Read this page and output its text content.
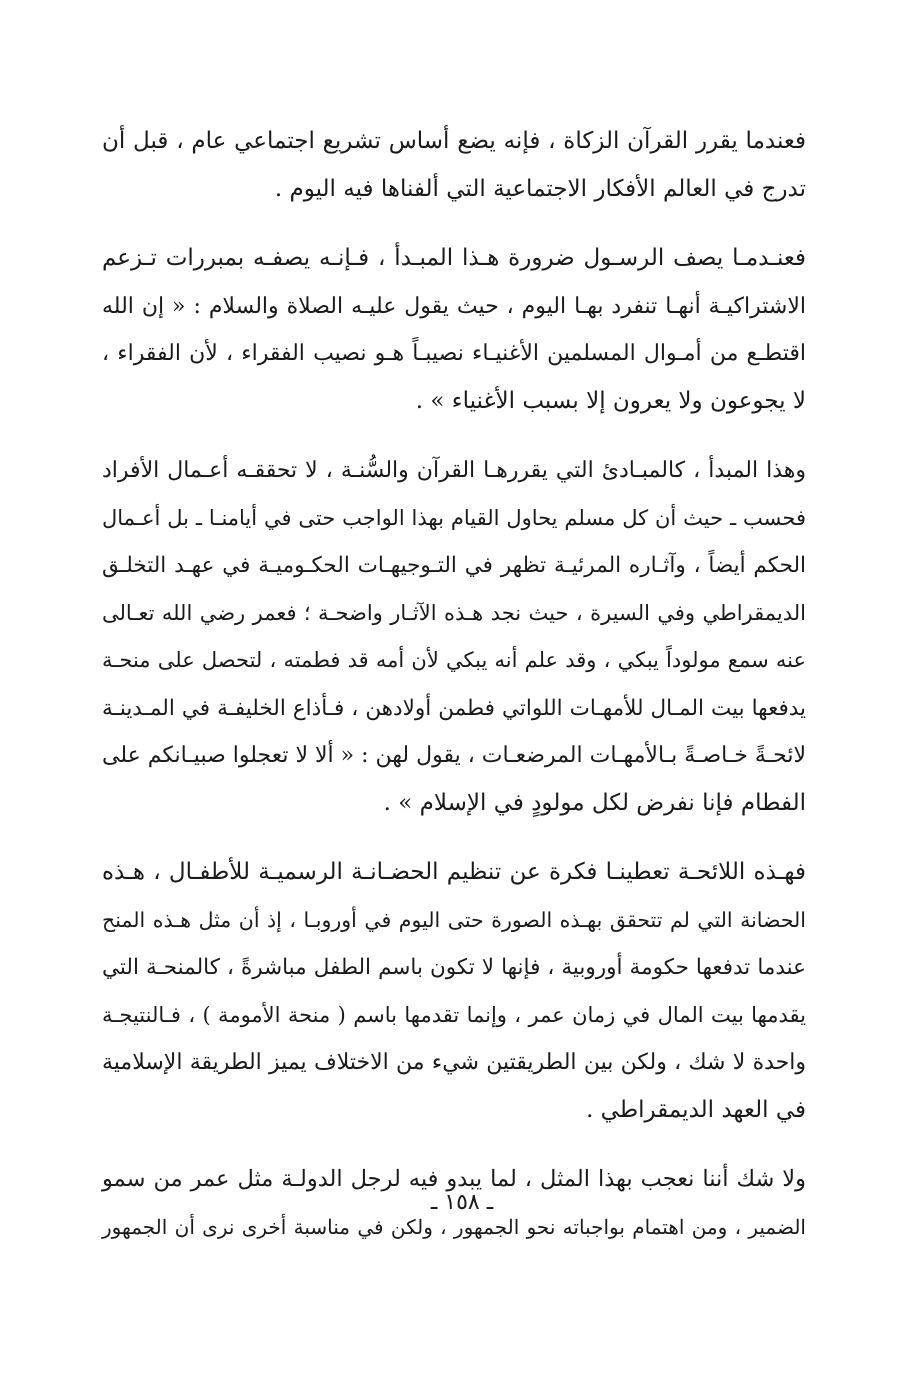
فعندما يقرر القرآن الزكاة ، فإنه يضع أساس تشريع اجتماعي عام ، قبل أن
تدرج في العالم الأفكار الاجتماعية التي ألفناها فيه اليوم .
فعنـدمـا يصف الرسـول ضرورة هـذا المبـدأ ، فـإنـه يصفـه بمبررات تـزعم
الاشتراكيـة أنهـا تنفرد بهـا اليوم ، حيث يقول عليـه الصلاة والسلام : « إن الله
اقتطـع من أمـوال المسلمين الأغنيـاء نصيبـاً هـو نصيب الفقراء ، لأن الفقراء ،
لا يجوعون ولا يعرون إلا بسبب الأغنياء » .
وهذا المبدأ ، كالمبـادئ التي يقررهـا القرآن والسُّنـة ، لا تحققـه أعـمال الأفراد
فحسب ـ حيث أن كل مسلم يحاول القيام بهذا الواجب حتى في أيامنـا ـ بل أعـمال
الحكم أيضاً ، وآثـاره المرئيـة تظهر في التـوجيهـات الحكـوميـة في عهـد التخلـق
الديمقراطي وفي السيرة ، حيث نجد هـذه الآثـار واضحـة ؛ فعمر رضي الله تعـالى
عنه سمع مولوداً يبكي ، وقد علم أنه يبكي لأن أمه قد فطمته ، لتحصل على منحـة
يدفعها بيت المـال للأمهـات اللواتي فطمن أولادهن ، فـأذاع الخليفـة في المـدينـة
لائحـةً خـاصـةً بـالأمهـات المرضعـات ، يقول لهن : « ألا لا تعجلوا صبيـانكم على
الفطام فإنا نفرض لكل مولودٍ في الإسلام » .
فهـذه اللائحـة تعطينـا فكرة عن تنظيم الحضـانـة الرسميـة للأطفـال ، هـذه
الحضانة التي لم تتحقق بهـذه الصورة حتى اليوم في أوروبـا ، إذ أن مثل هـذه المنح
عندما تدفعها حكومة أوروبية ، فإنها لا تكون باسم الطفل مباشرةً ، كالمنحـة التي
يقدمها بيت المال في زمان عمر ، وإنما تقدمها باسم ( منحة الأمومة ) ، فـالنتيجـة
واحدة لا شك ، ولكن بين الطريقتين شيء من الاختلاف يميز الطريقة الإسلامية
في العهد الديمقراطي .
ولا شك أننا نعجب بهذا المثل ، لما يبدو فيه لرجل الدولـة مثل عمر من سمو
الضمير ، ومن اهتمام بواجباته نحو الجمهور ، ولكن في مناسبة أخرى نرى أن الجمهور
ـ ١٥٨ ـ
